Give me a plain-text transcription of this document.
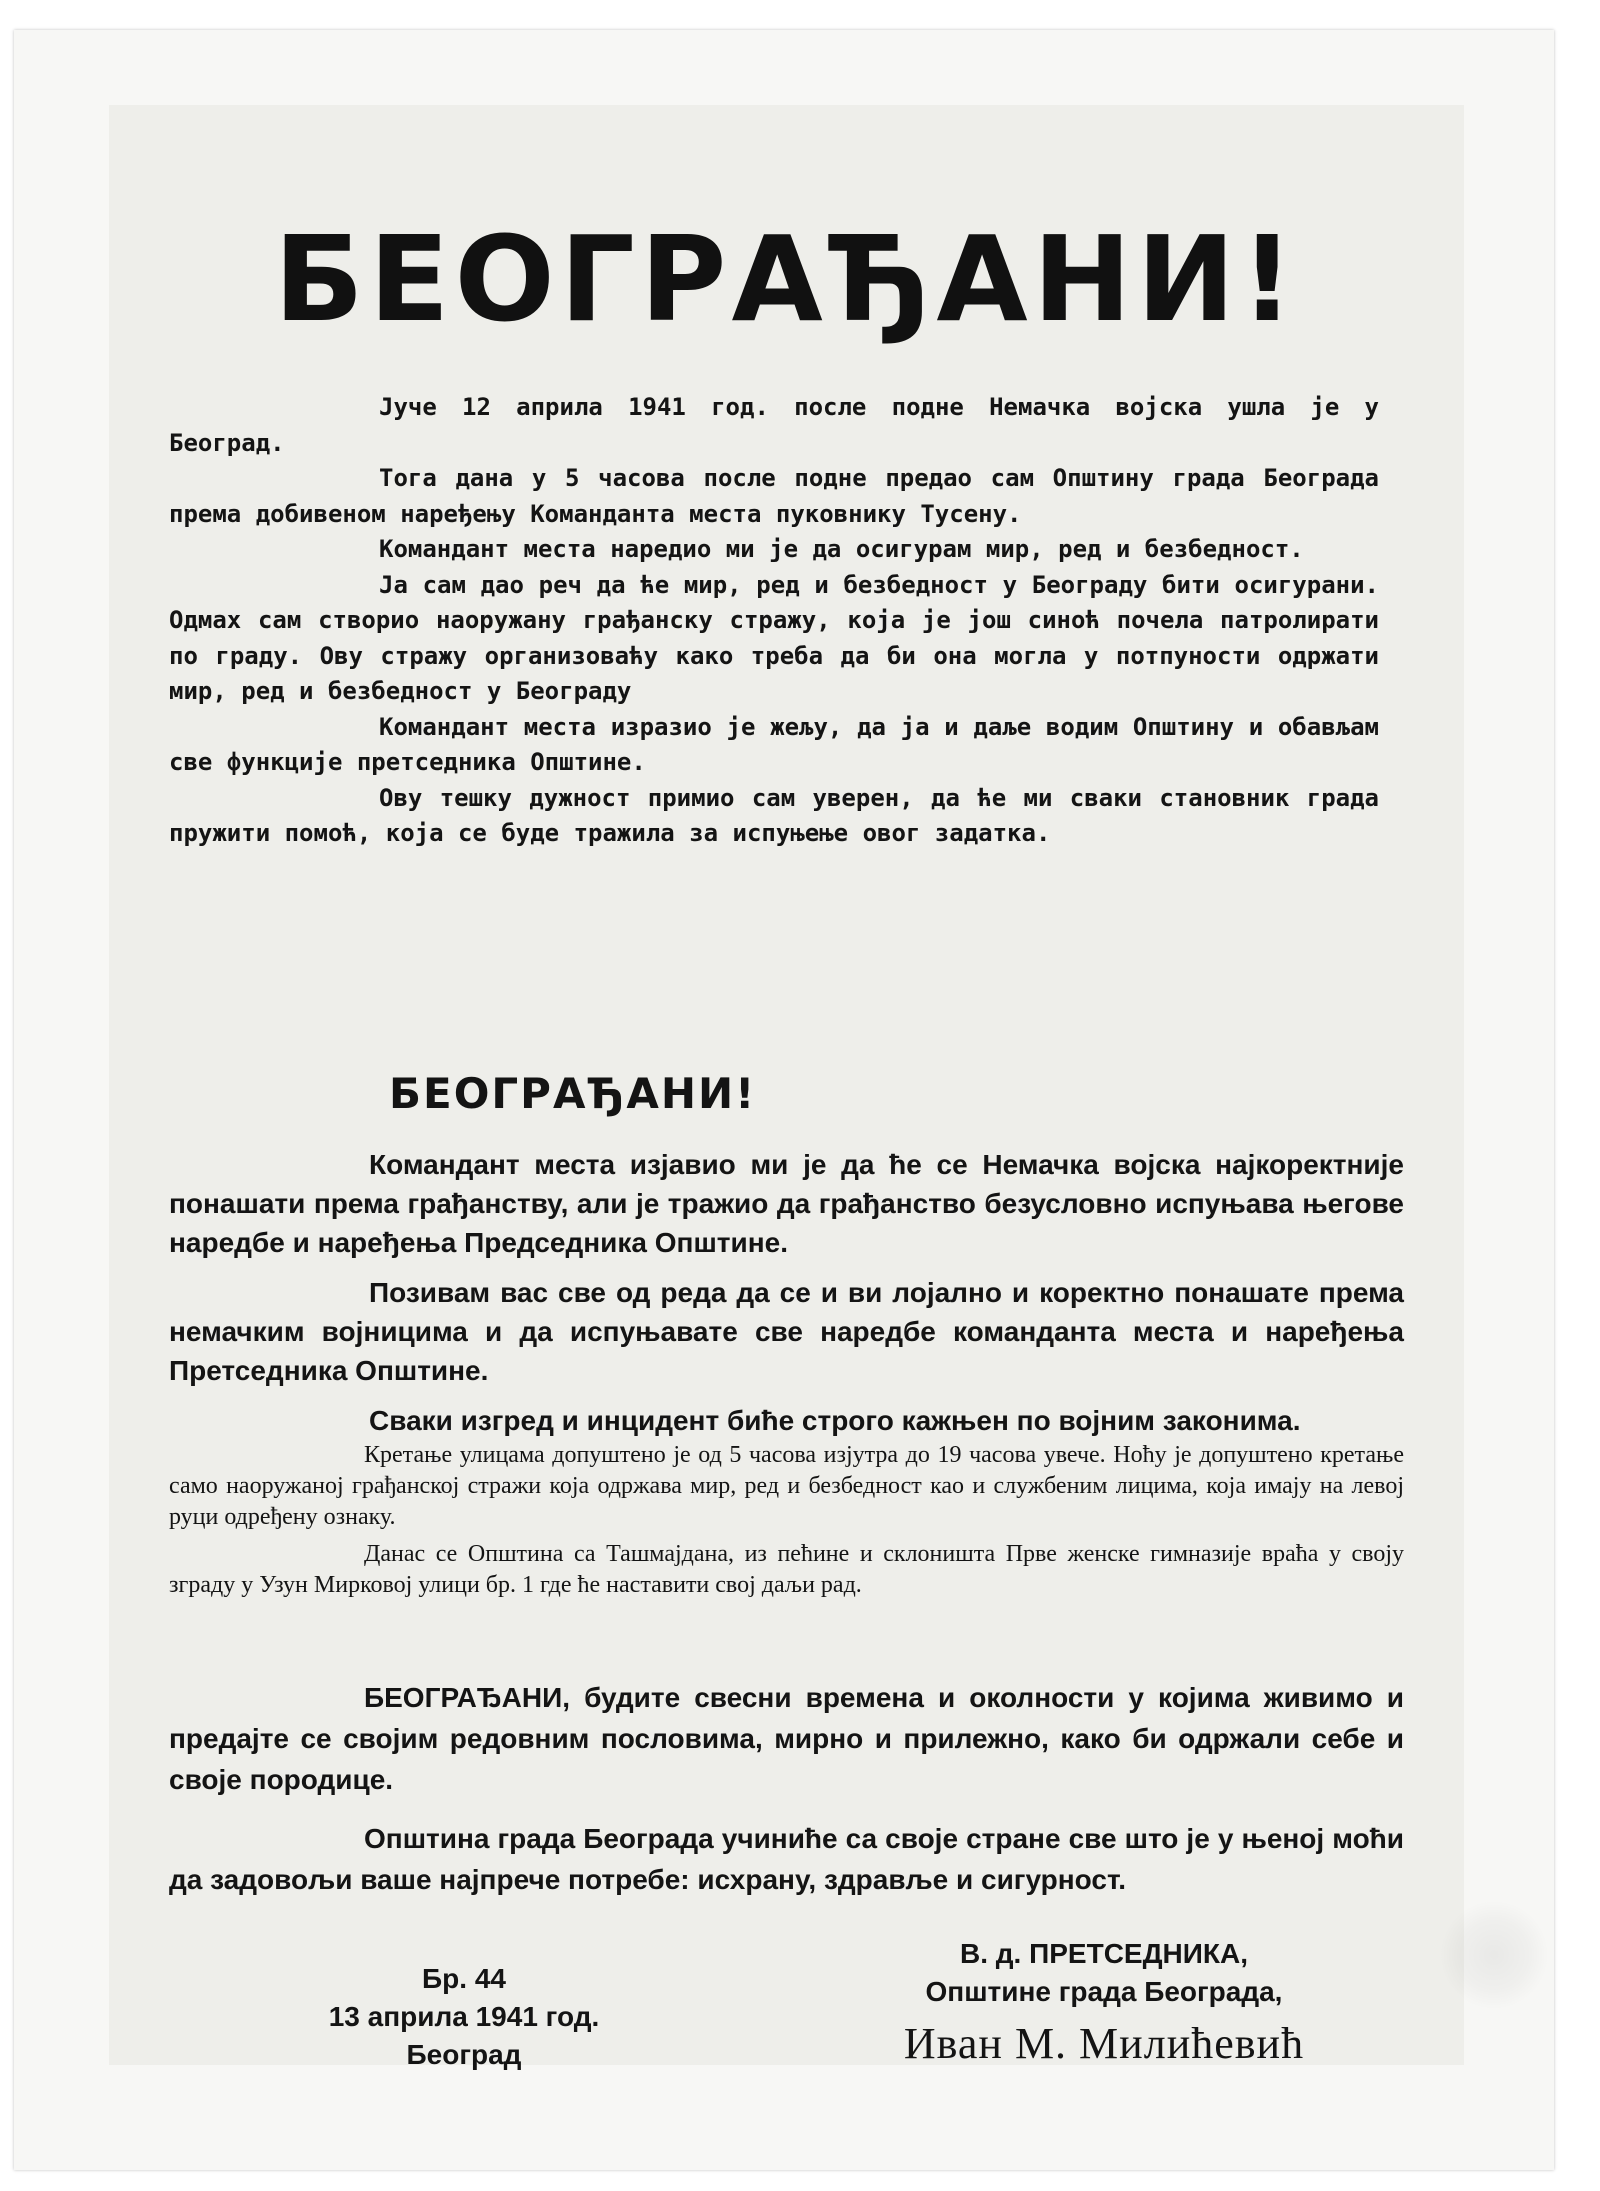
БЕОГРАЂАНИ!

Јуче 12 априла 1941 год. после подне Немачка војска ушла је у Београд.

Тога дана у 5 часова после подне предао сам Општину града Београда према добивеном наређењу Команданта места пуковнику Тусену.

Командант места наредио ми је да осигурам мир, ред и безбедност.

Ја сам дао реч да ће мир, ред и безбедност у Београду бити осигурани. Одмах сам створио наоружану грађанску стражу, која је још синоћ почела патролирати по граду. Ову стражу организоваћу како треба да би она могла у потпуности одржати мир, ред и безбедност у Београду

Командант места изразио је жељу, да ја и даље водим Општину и обављам све функције претседника Општине.

Ову тешку дужност примио сам уверен, да ће ми сваки становник града пружити помоћ, која се буде тражила за испуњење овог задатка.

БЕОГРАЂАНИ!

Командант места изјавио ми је да ће се Немачка војска најкоректније понашати према грађанству, али је тражио да грађанство безусловно испуњава његове наредбе и наређења Председника Општине.

Позивам вас све од реда да се и ви лојално и коректно понашате према немачким војницима и да испуњавате све наредбе команданта места и наређења Претседника Општине.

Сваки изгред и инцидент биће строго кажњен по војним законима.

Кретање улицама допуштено је од 5 часова изјутра до 19 часова увече. Ноћу је допуштено кретање само наоружаној грађанској стражи која одржава мир, ред и безбедност као и службеним лицима, која имају на левој руци одређену ознаку.

Данас се Општина са Ташмајдана, из пећине и склоништа Прве женске гимназије враћа у своју зграду у Узун Мирковој улици бр. 1 где ће наставити свој даљи рад.

БЕОГРАЂАНИ, будите свесни времена и околности у којима живимо и предајте се својим редовним пословима, мирно и прилежно, како би одржали себе и своје породице.

Општина града Београда учиниће са своје стране све што је у њеној моћи да задовољи ваше најпрече потребе: исхрану, здравље и сигурност.

Бр. 44
13 априла 1941 год.
Београд
В. д. ПРЕТСЕДНИКА,
Општине града Београда,
Иван М. Милићевић
